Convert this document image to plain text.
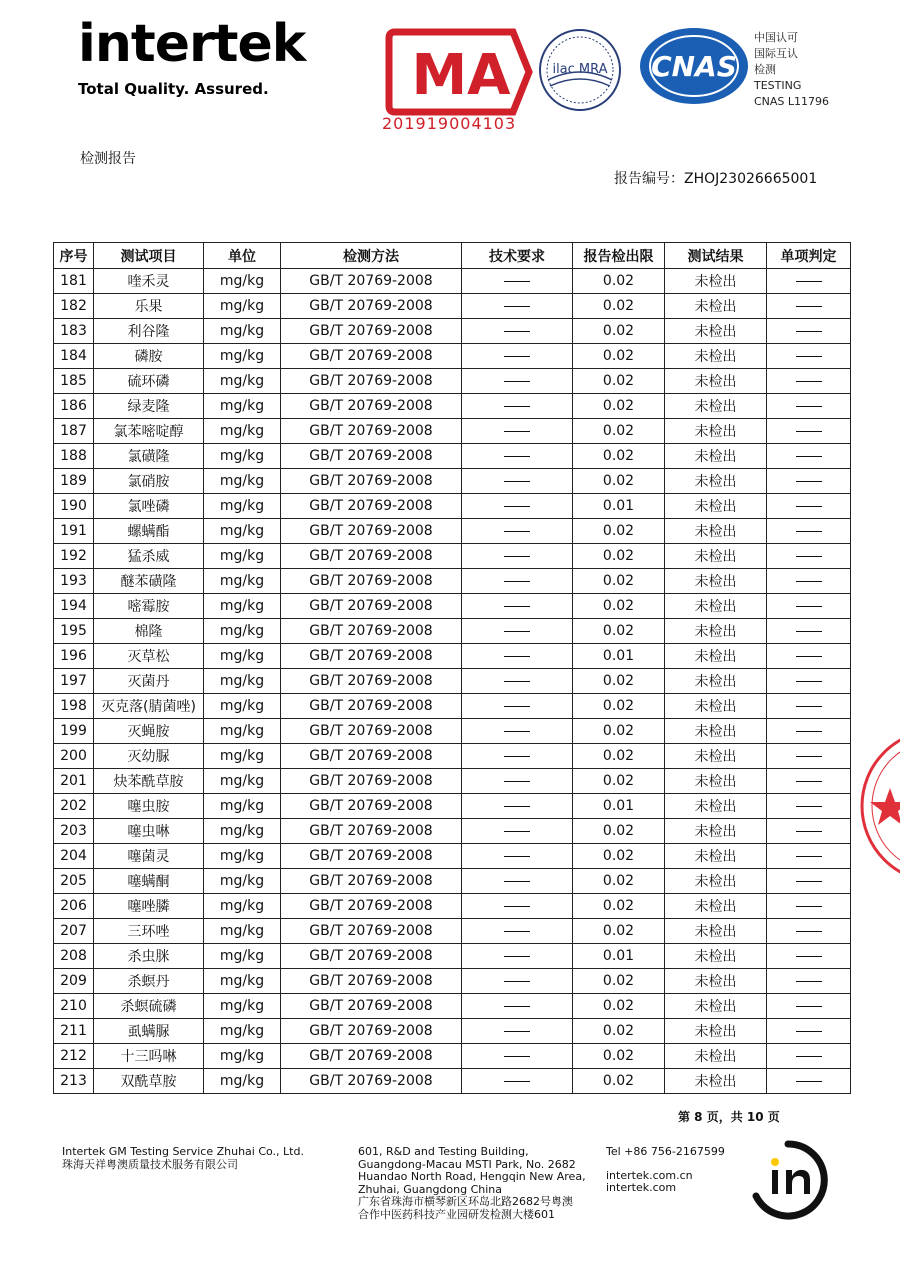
intertek
Total Quality. Assured.	MA
201919004103
ilac MRA CNAS
中国认可
国际互认
检测
TESTING
CNAS L11796
检测报告
报告编号：ZHOJ23026665001
序号	测试项目	单位	检测方法	技术要求	报告检出限	测试结果	单项判定
181	喹禾灵	mg/kg	GB/T 20769-2008		0.02	未检出	
182	乐果	mg/kg	GB/T 20769-2008		0.02	未检出	
183	利谷隆	mg/kg	GB/T 20769-2008		0.02	未检出	
184	磷胺	mg/kg	GB/T 20769-2008		0.02	未检出	
185	硫环磷	mg/kg	GB/T 20769-2008		0.02	未检出	
186	绿麦隆	mg/kg	GB/T 20769-2008		0.02	未检出	
187	氯苯嘧啶醇	mg/kg	GB/T 20769-2008		0.02	未检出	
188	氯磺隆	mg/kg	GB/T 20769-2008		0.02	未检出	
189	氯硝胺	mg/kg	GB/T 20769-2008		0.02	未检出	
190	氯唑磷	mg/kg	GB/T 20769-2008		0.01	未检出	
191	螺螨酯	mg/kg	GB/T 20769-2008		0.02	未检出	
192	猛杀威	mg/kg	GB/T 20769-2008		0.02	未检出	
193	醚苯磺隆	mg/kg	GB/T 20769-2008		0.02	未检出	
194	嘧霉胺	mg/kg	GB/T 20769-2008		0.02	未检出	
195	棉隆	mg/kg	GB/T 20769-2008		0.02	未检出	
196	灭草松	mg/kg	GB/T 20769-2008		0.01	未检出	
197	灭菌丹	mg/kg	GB/T 20769-2008		0.02	未检出	
198	灭克落(腈菌唑)	mg/kg	GB/T 20769-2008		0.02	未检出	
199	灭蝇胺	mg/kg	GB/T 20769-2008		0.02	未检出	
200	灭幼脲	mg/kg	GB/T 20769-2008		0.02	未检出	
201	炔苯酰草胺	mg/kg	GB/T 20769-2008		0.02	未检出	
202	噻虫胺	mg/kg	GB/T 20769-2008		0.01	未检出	
203	噻虫啉	mg/kg	GB/T 20769-2008		0.02	未检出	
204	噻菌灵	mg/kg	GB/T 20769-2008		0.02	未检出	
205	噻螨酮	mg/kg	GB/T 20769-2008		0.02	未检出	
206	噻唑膦	mg/kg	GB/T 20769-2008		0.02	未检出	
207	三环唑	mg/kg	GB/T 20769-2008		0.02	未检出	
208	杀虫脒	mg/kg	GB/T 20769-2008		0.01	未检出	
209	杀螟丹	mg/kg	GB/T 20769-2008		0.02	未检出	
210	杀螟硫磷	mg/kg	GB/T 20769-2008		0.02	未检出	
211	虱螨脲	mg/kg	GB/T 20769-2008		0.02	未检出	
212	十三吗啉	mg/kg	GB/T 20769-2008		0.02	未检出	
213	双酰草胺	mg/kg	GB/T 20769-2008		0.02	未检出	
第 8 页，共 10 页
Intertek GM Testing Service Zhuhai Co., Ltd.
珠海天祥粤澳质量技术服务有限公司
601, R&D and Testing Building,
Guangdong-Macau MSTI Park, No. 2682
Huandao North Road, Hengqin New Area,
Zhuhai, Guangdong China
广东省珠海市横琴新区环岛北路2682号粤澳
合作中医药科技产业园研发检测大楼601
Tel +86 756-2167599
intertek.com.cn
intertek.com
